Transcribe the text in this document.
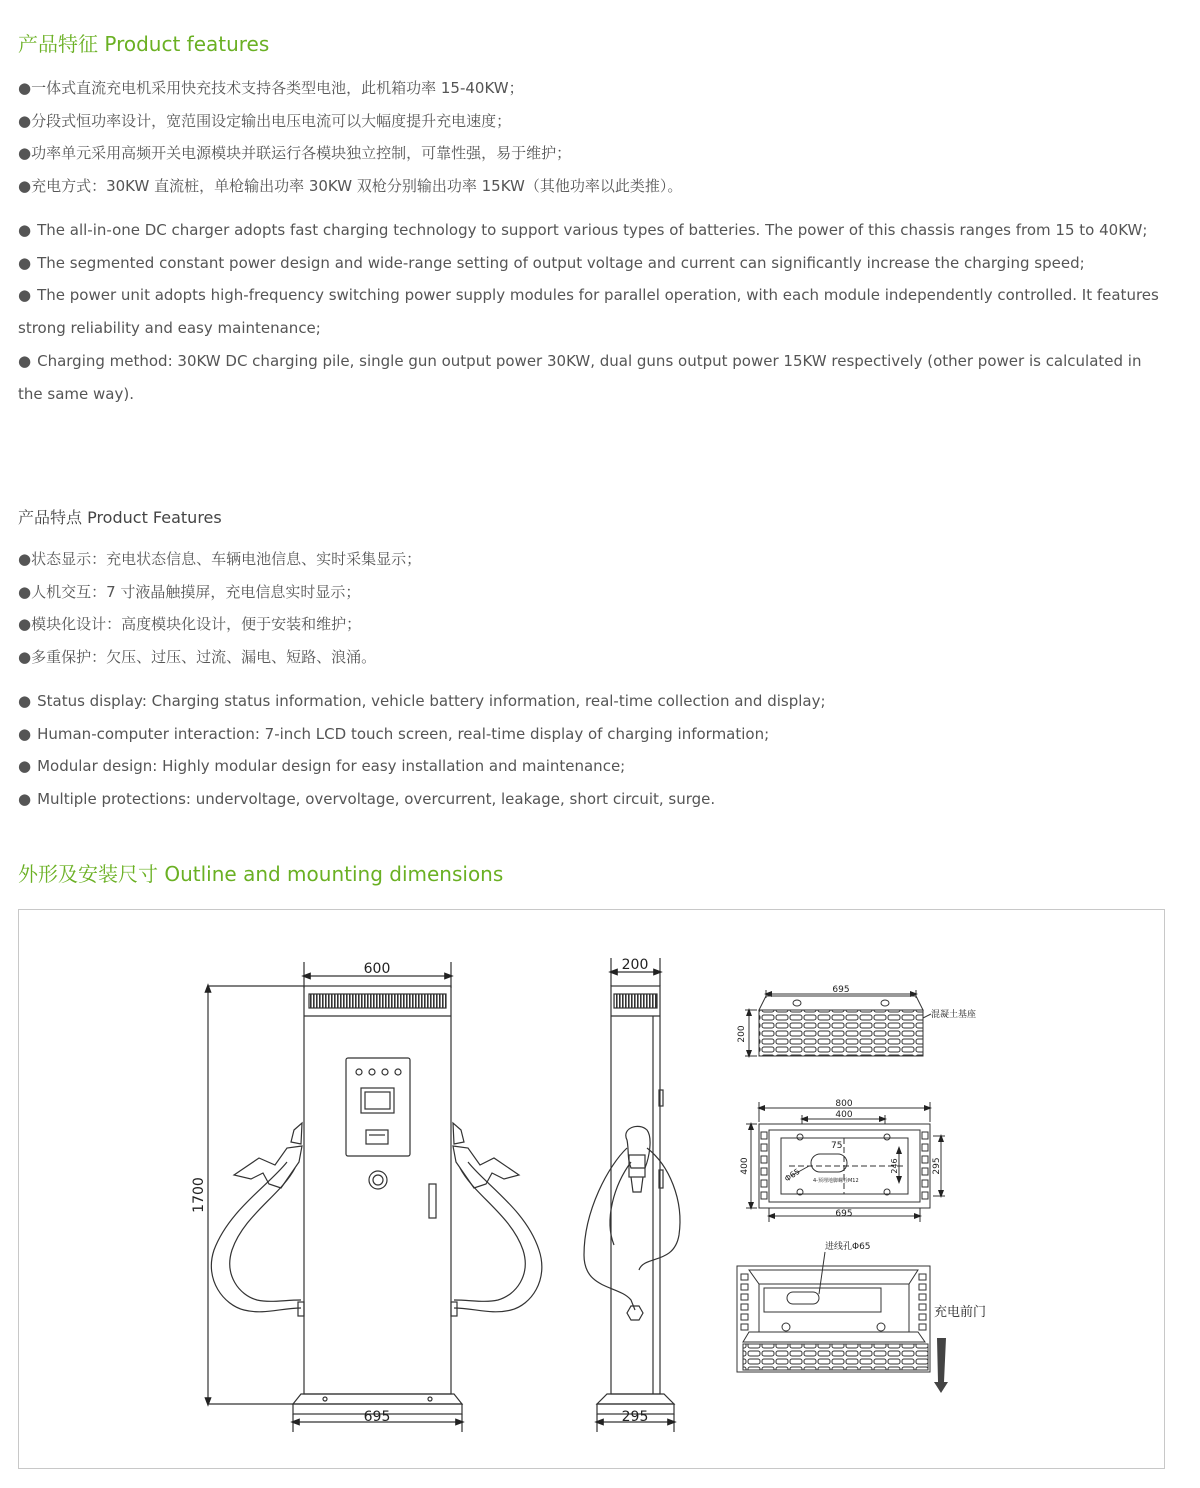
产品特征 Product features
●一体式直流充电机采用快充技术支持各类型电池，此机箱功率 15-40KW；
●分段式恒功率设计，宽范围设定输出电压电流可以大幅度提升充电速度；
●功率单元采用高频开关电源模块并联运行各模块独立控制，可靠性强，易于维护；
●充电方式：30KW 直流桩，单枪输出功率 30KW 双枪分别输出功率 15KW（其他功率以此类推）。
● The all-in-one DC charger adopts fast charging technology to support various types of batteries. The power of this chassis ranges from 15 to 40KW;
● The segmented constant power design and wide-range setting of output voltage and current can significantly increase the charging speed;
● The power unit adopts high-frequency switching power supply modules for parallel operation, with each module independently controlled. It features strong reliability and easy maintenance;
● Charging method: 30KW DC charging pile, single gun output power 30KW, dual guns output power 15KW respectively (other power is calculated in the same way).
产品特点 Product Features
●状态显示：充电状态信息、车辆电池信息、实时采集显示；
●人机交互：7 寸液晶触摸屏，充电信息实时显示；
●模块化设计：高度模块化设计，便于安装和维护；
●多重保护：欠压、过压、过流、漏电、短路、浪涌。
● Status display: Charging status information, vehicle battery information, real-time collection and display;
● Human-computer interaction: 7-inch LCD touch screen, real-time display of charging information;
● Modular design: Highly modular design for easy installation and maintenance;
● Multiple protections: undervoltage, overvoltage, overcurrent, leakage, short circuit, surge.
外形及安装尺寸 Outline and mounting dimensions
600
695
1700
200
295
695
200
混凝土基座
800
400
400
75
Φ65
246	295
695
4-预埋地脚螺栓M12
进线孔Φ65
充电前门
